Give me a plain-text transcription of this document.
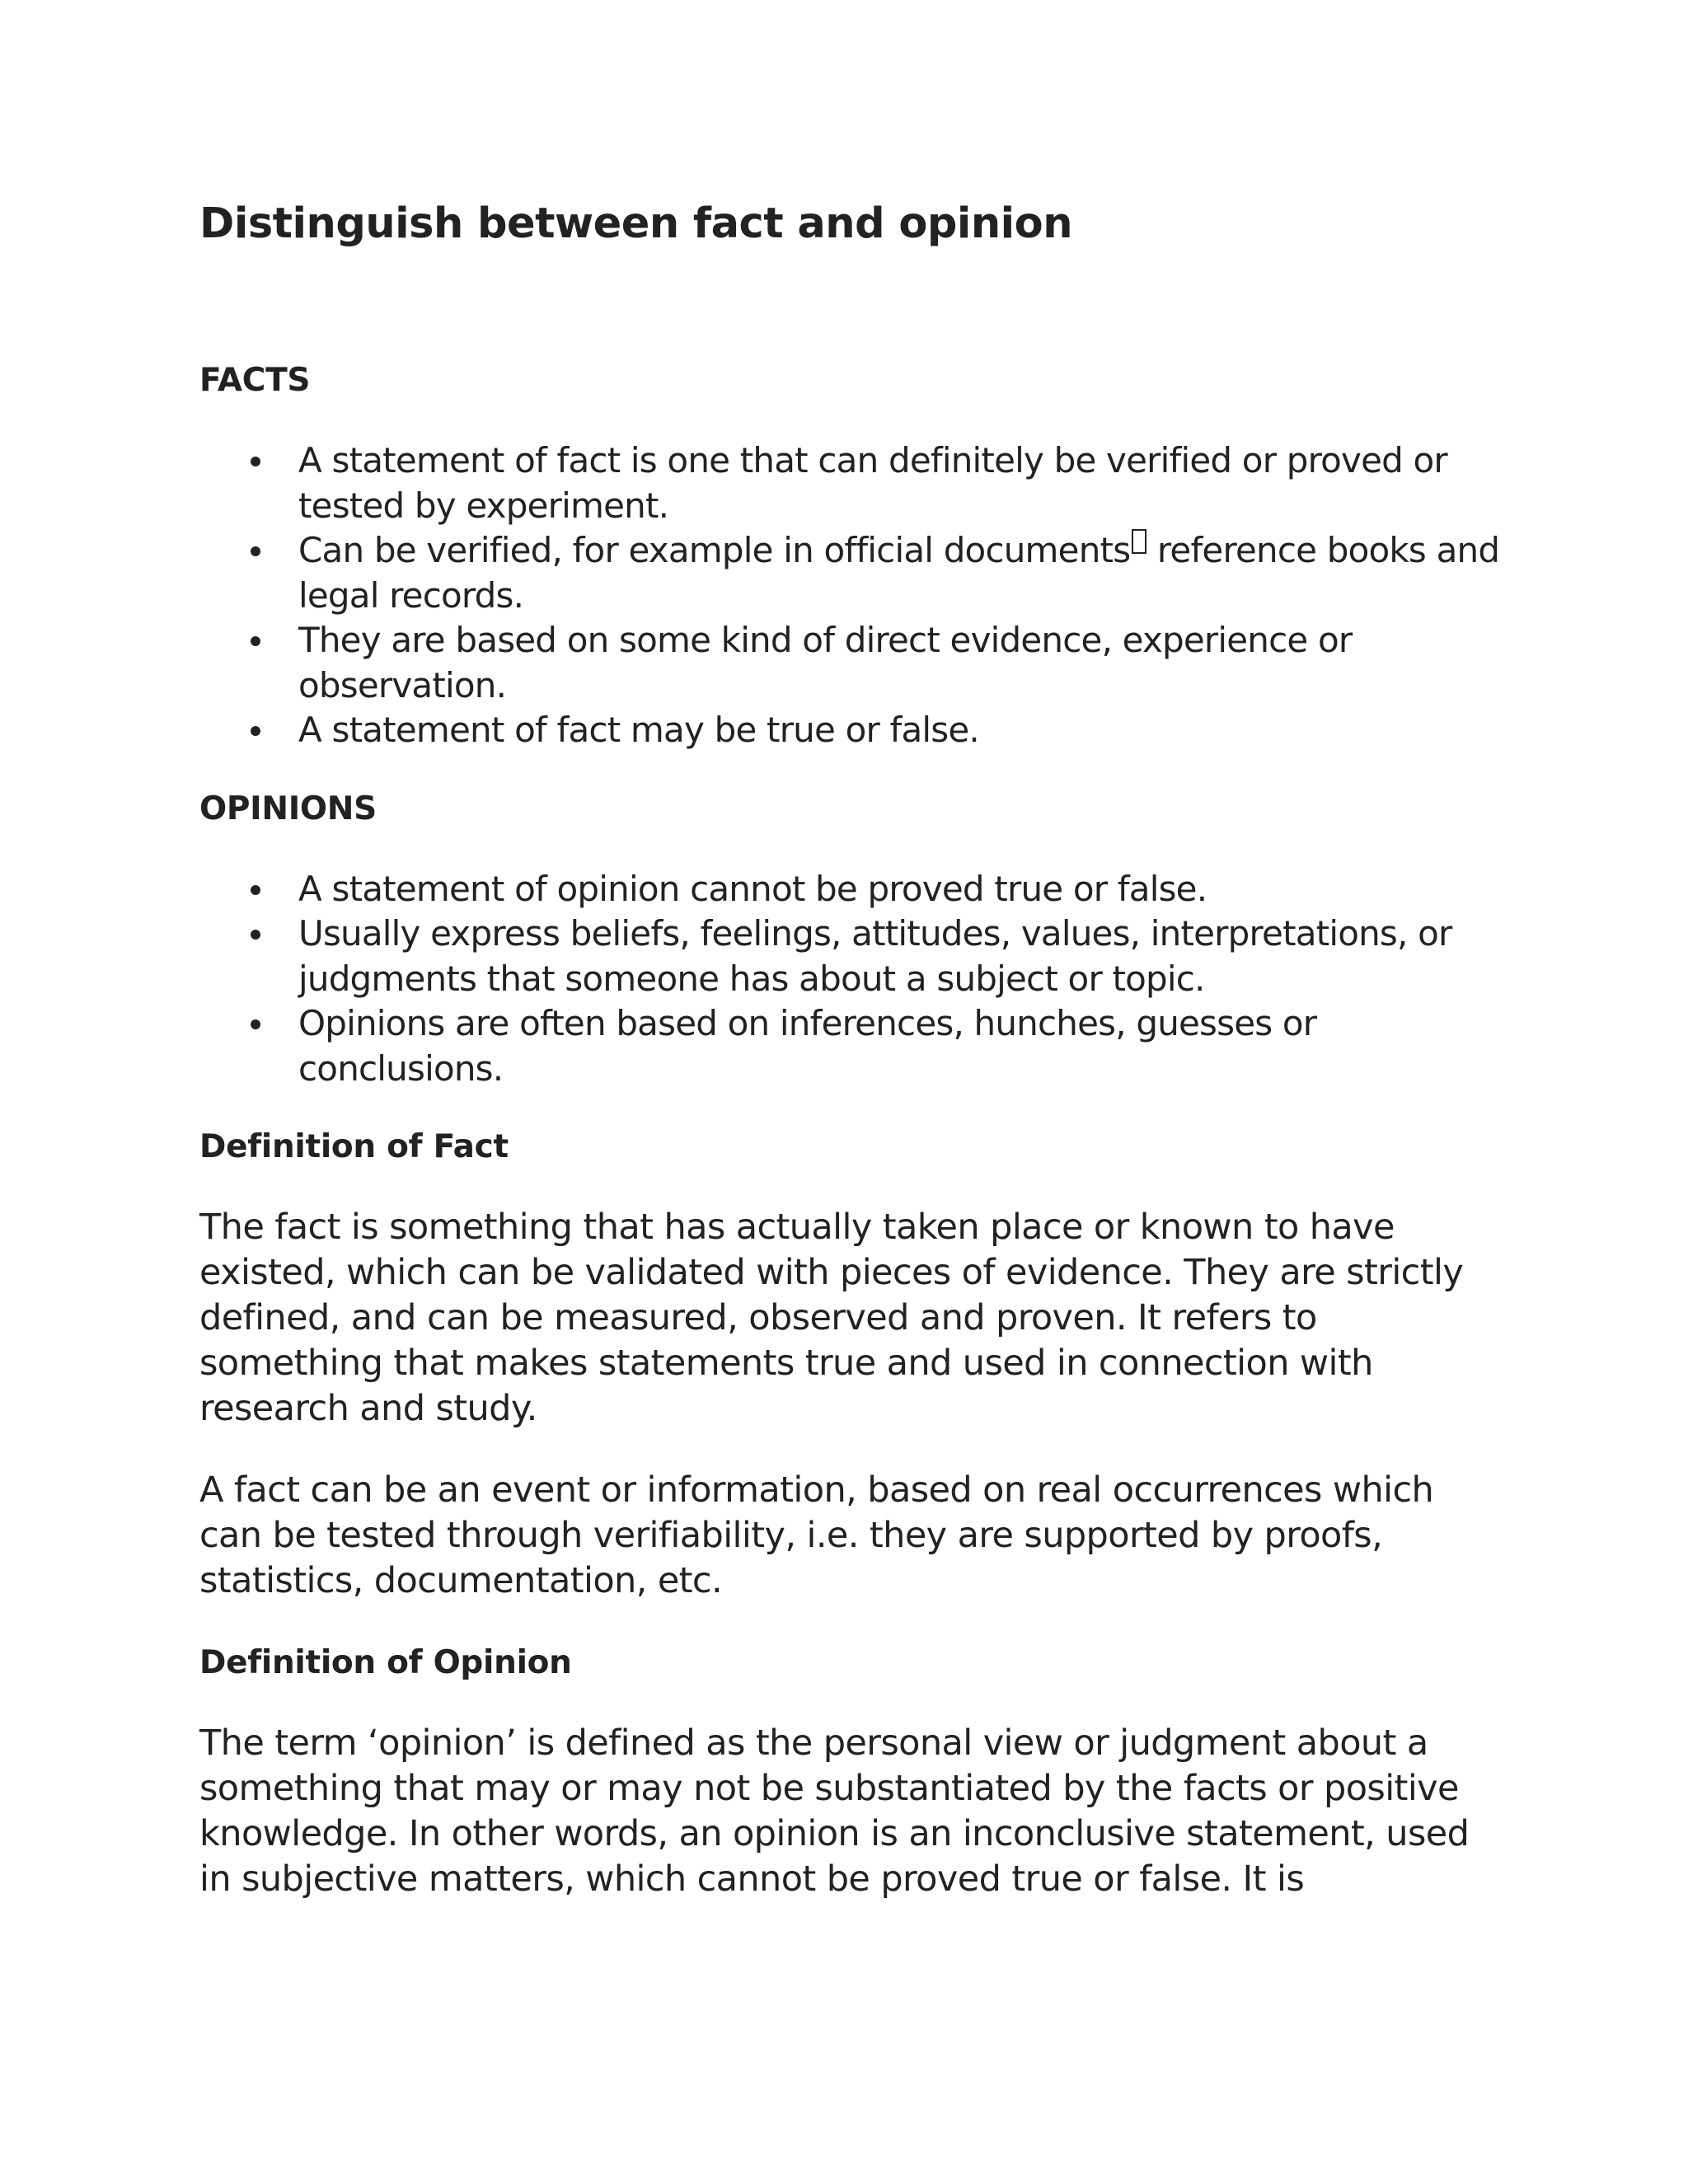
Distinguish between fact and opinion
FACTS
A statement of fact is one that can definitely be verified or proved or tested by experiment.
Can be verified, for example in official documents reference books and legal records.
They are based on some kind of direct evidence, experience or observation.
A statement of fact may be true or false.
OPINIONS
A statement of opinion cannot be proved true or false.
Usually express beliefs, feelings, attitudes, values, interpretations, or judgments that someone has about a subject or topic.
Opinions are often based on inferences, hunches, guesses or conclusions.
Definition of Fact

The fact is something that has actually taken place or known to have existed, which can be validated with pieces of evidence. They are strictly defined, and can be measured, observed and proven. It refers to something that makes statements true and used in connection with research and study.

A fact can be an event or information, based on real occurrences which can be tested through verifiability, i.e. they are supported by proofs, statistics, documentation, etc.

Definition of Opinion

The term ‘opinion’ is defined as the personal view or judgment about a something that may or may not be substantiated by the facts or positive knowledge. In other words, an opinion is an inconclusive statement, used in subjective matters, which cannot be proved true or false. It is
